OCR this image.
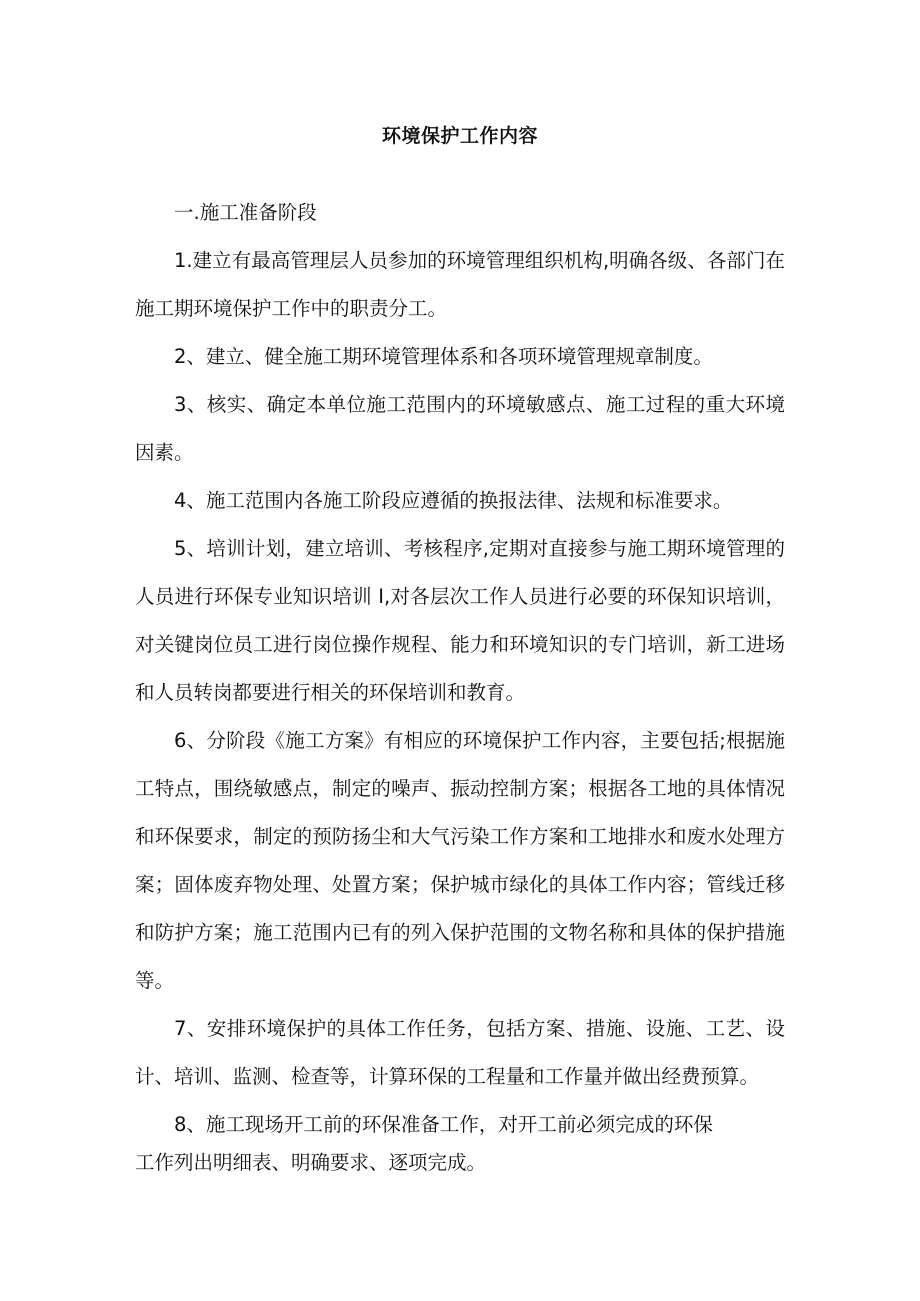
环境保护工作内容

一.施工准备阶段

1.建立有最高管理层人员参加的环境管理组织机构,明确各级、各部门在施工期环境保护工作中的职责分工。

2、建立、健全施工期环境管理体系和各项环境管理规章制度。

3、核实、确定本单位施工范围内的环境敏感点、施工过程的重大环境因素。

4、施工范围内各施工阶段应遵循的换报法律、法规和标准要求。

5、培训计划，建立培训、考核程序,定期对直接参与施工期环境管理的人员进行环保专业知识培训 I,对各层次工作人员进行必要的环保知识培训，对关键岗位员工进行岗位操作规程、能力和环境知识的专门培训，新工进场和人员转岗都要进行相关的环保培训和教育。

6、分阶段《施工方案》有相应的环境保护工作内容，主要包括;根据施工特点，围绕敏感点，制定的噪声、振动控制方案；根据各工地的具体情况和环保要求，制定的预防扬尘和大气污染工作方案和工地排水和废水处理方案；固体废弃物处理、处置方案；保护城市绿化的具体工作内容；管线迁移和防护方案；施工范围内已有的列入保护范围的文物名称和具体的保护措施等。

7、安排环境保护的具体工作任务，包括方案、措施、设施、工艺、设计、培训、监测、检查等，计算环保的工程量和工作量并做出经费预算。

8、施工现场开工前的环保准备工作，对开工前必须完成的环保
工作列出明细表、明确要求、逐项完成。
